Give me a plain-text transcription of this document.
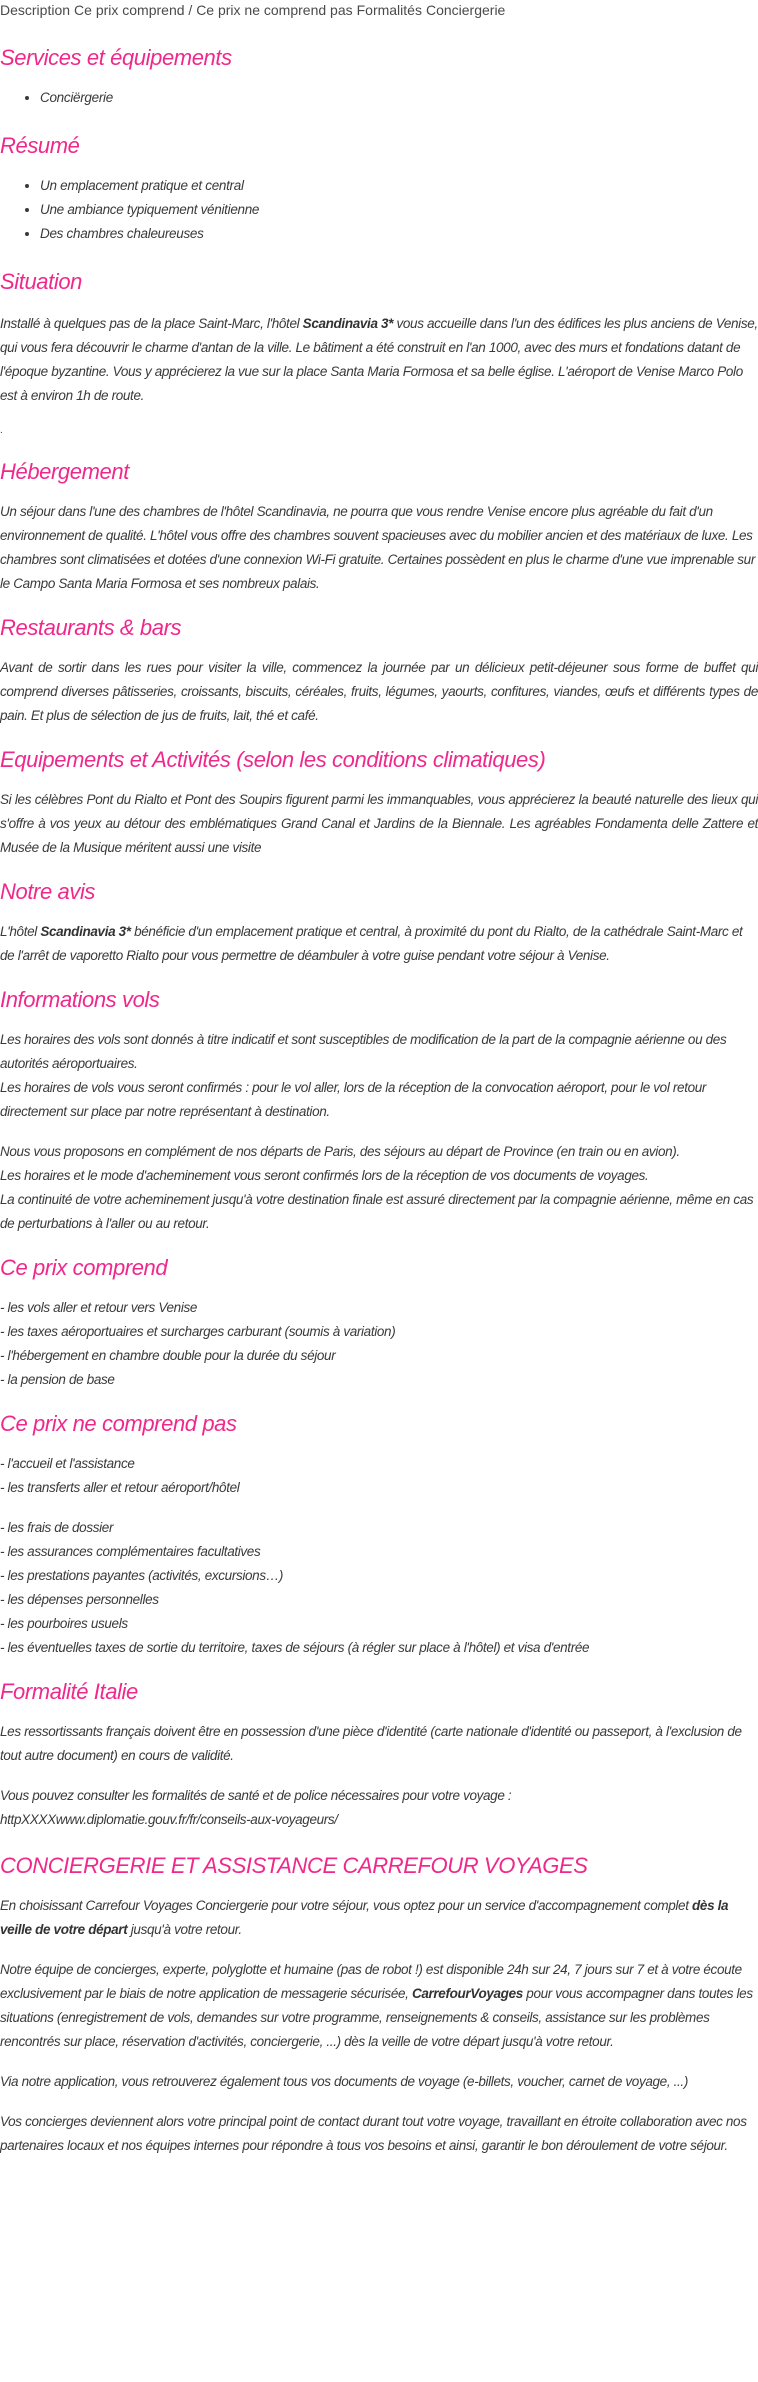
Description Ce prix comprend / Ce prix ne comprend pas Formalités Conciergerie
Services et équipements
• Conciërgerie
Résumé
• Un emplacement pratique et central
• Une ambiance typiquement vénitienne
• Des chambres chaleureuses
Situation

Installé à quelques pas de la place Saint-Marc, l'hôtel Scandinavia 3* vous accueille dans l'un des édifices les plus anciens de Venise, qui vous fera découvrir le charme d'antan de la ville. Le bâtiment a été construit en l'an 1000, avec des murs et fondations datant de l'époque byzantine. Vous y apprécierez la vue sur la place Santa Maria Formosa et sa belle église. L'aéroport de Venise Marco Polo est à environ 1h de route.

.
Hébergement

Un séjour dans l'une des chambres de l'hôtel Scandinavia, ne pourra que vous rendre Venise encore plus agréable du fait d'un environnement de qualité. L'hôtel vous offre des chambres souvent spacieuses avec du mobilier ancien et des matériaux de luxe. Les chambres sont climatisées et dotées d'une connexion Wi-Fi gratuite. Certaines possèdent en plus le charme d'une vue imprenable sur le Campo Santa Maria Formosa et ses nombreux palais.

Restaurants & bars

Avant de sortir dans les rues pour visiter la ville, commencez la journée par un délicieux petit-déjeuner sous forme de buffet qui comprend diverses pâtisseries, croissants, biscuits, céréales, fruits, légumes, yaourts, confitures, viandes, œufs et différents types de pain. Et plus de sélection de jus de fruits, lait, thé et café.

Equipements et Activités (selon les conditions climatiques)

Si les célèbres Pont du Rialto et Pont des Soupirs figurent parmi les immanquables, vous apprécierez la beauté naturelle des lieux qui s'offre à vos yeux au détour des emblématiques Grand Canal et Jardins de la Biennale. Les agréables Fondamenta delle Zattere et Musée de la Musique méritent aussi une visite

Notre avis

L'hôtel Scandinavia 3* bénéficie d'un emplacement pratique et central, à proximité du pont du Rialto, de la cathédrale Saint-Marc et de l'arrêt de vaporetto Rialto pour vous permettre de déambuler à votre guise pendant votre séjour à Venise.

Informations vols

Les horaires des vols sont donnés à titre indicatif et sont susceptibles de modification de la part de la compagnie aérienne ou des autorités aéroportuaires.

Les horaires de vols vous seront confirmés : pour le vol aller, lors de la réception de la convocation aéroport, pour le vol retour directement sur place par notre représentant à destination.

Nous vous proposons en complément de nos départs de Paris, des séjours au départ de Province (en train ou en avion).

Les horaires et le mode d'acheminement vous seront confirmés lors de la réception de vos documents de voyages.

La continuité de votre acheminement jusqu'à votre destination finale est assuré directement par la compagnie aérienne, même en cas de perturbations à l'aller ou au retour.

Ce prix comprend
- les vols aller et retour vers Venise
- les taxes aéroportuaires et surcharges carburant (soumis à variation)
- l'hébergement en chambre double pour la durée du séjour
- la pension de base
Ce prix ne comprend pas
- l'accueil et l'assistance
- les transferts aller et retour aéroport/hôtel
- les frais de dossier
- les assurances complémentaires facultatives
- les prestations payantes (activités, excursions…)
- les dépenses personnelles
- les pourboires usuels
- les éventuelles taxes de sortie du territoire, taxes de séjours (à régler sur place à l'hôtel) et visa d'entrée
Formalité Italie

Les ressortissants français doivent être en possession d'une pièce d'identité (carte nationale d'identité ou passeport, à l'exclusion de tout autre document) en cours de validité.

Vous pouvez consulter les formalités de santé et de police nécessaires pour votre voyage :

httpXXXXwww.diplomatie.gouv.fr/fr/conseils-aux-voyageurs/

CONCIERGERIE ET ASSISTANCE CARREFOUR VOYAGES

En choisissant Carrefour Voyages Conciergerie pour votre séjour, vous optez pour un service d'accompagnement complet dès la veille de votre départ jusqu'à votre retour.

Notre équipe de concierges, experte, polyglotte et humaine (pas de robot !) est disponible 24h sur 24, 7 jours sur 7 et à votre écoute exclusivement par le biais de notre application de messagerie sécurisée, CarrefourVoyages pour vous accompagner dans toutes les situations (enregistrement de vols, demandes sur votre programme, renseignements & conseils, assistance sur les problèmes rencontrés sur place, réservation d'activités, conciergerie, ...) dès la veille de votre départ jusqu'à votre retour.

Via notre application, vous retrouverez également tous vos documents de voyage (e-billets, voucher, carnet de voyage, ...)

Vos concierges deviennent alors votre principal point de contact durant tout votre voyage, travaillant en étroite collaboration avec nos partenaires locaux et nos équipes internes pour répondre à tous vos besoins et ainsi, garantir le bon déroulement de votre séjour.
